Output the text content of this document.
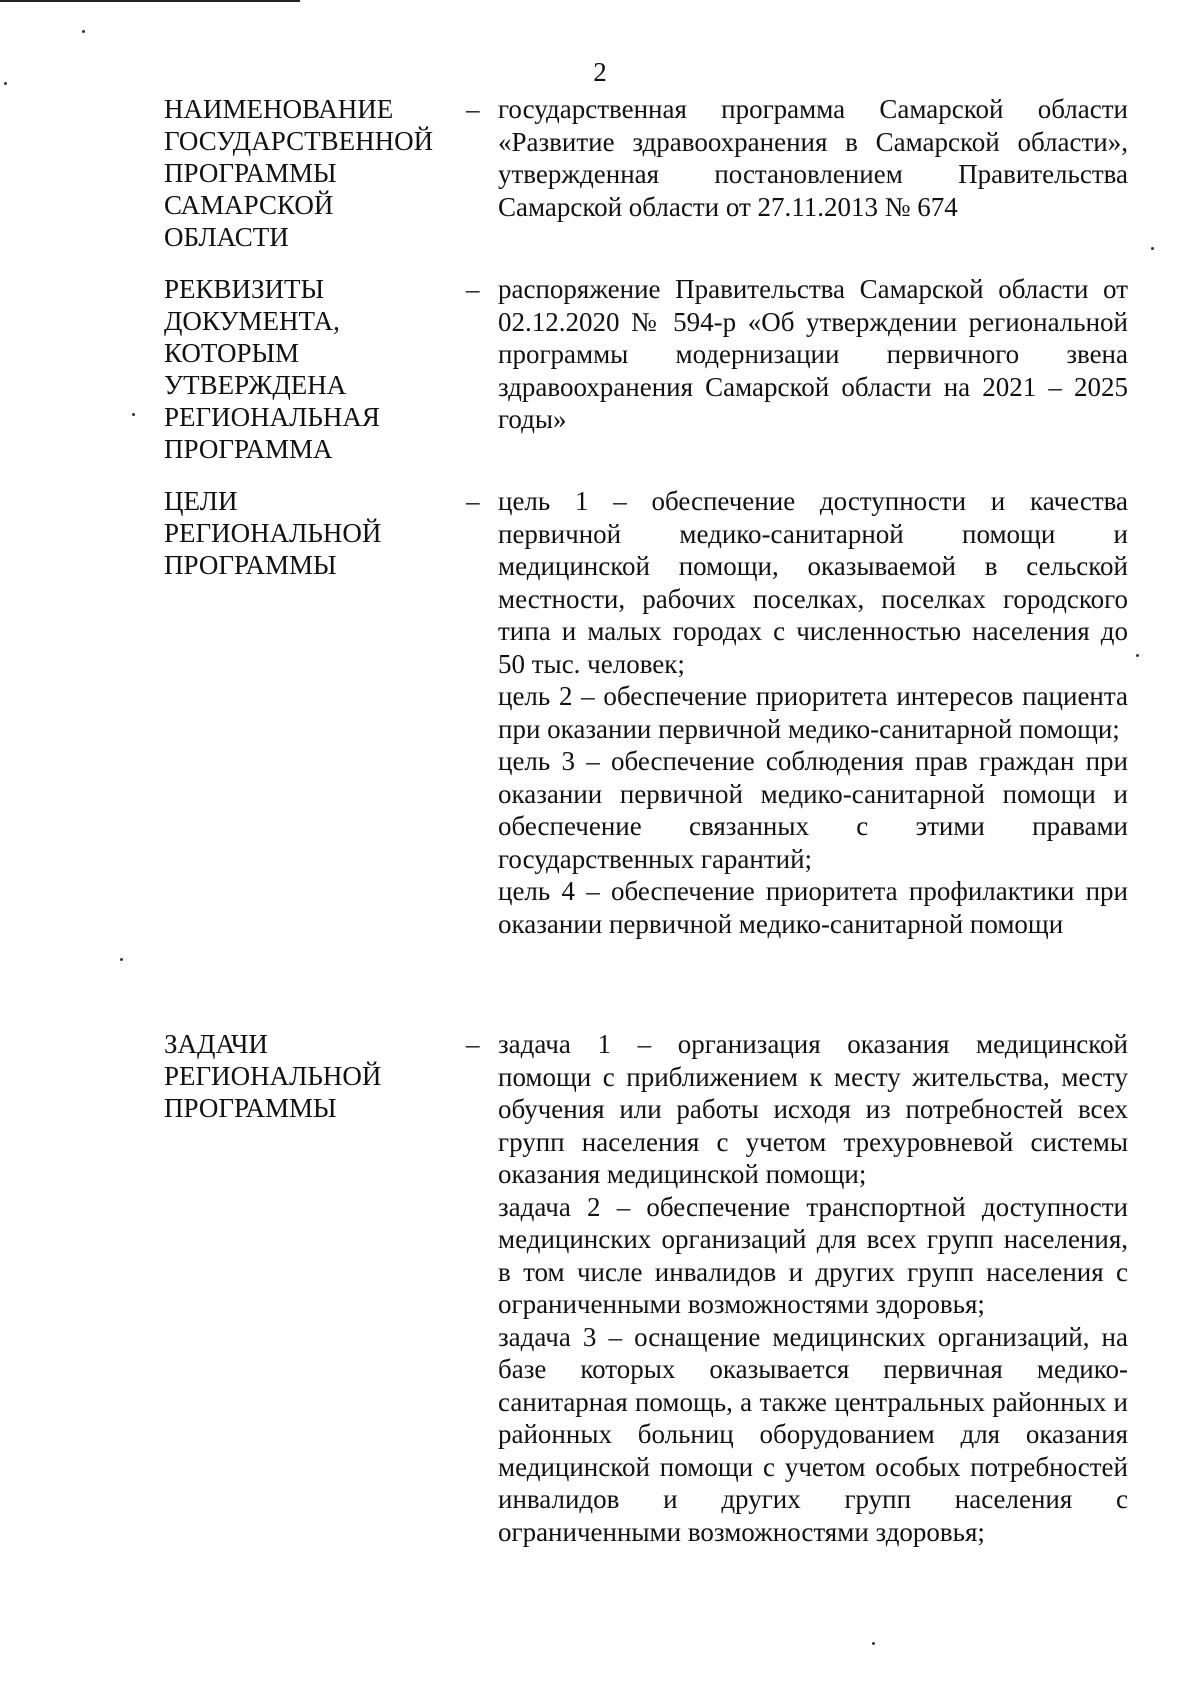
2
НАИМЕНОВАНИЕ
ГОСУДАРСТВЕННОЙ
ПРОГРАММЫ
САМАРСКОЙ
ОБЛАСТИ
– государственная программа Самарской области «Развитие здравоохранения в Самарской области», утвержденная постановлением Правительства Самарской области от 27.11.2013 № 674

РЕКВИЗИТЫ
ДОКУМЕНТА,
КОТОРЫМ
УТВЕРЖДЕНА
РЕГИОНАЛЬНАЯ
ПРОГРАММА
– распоряжение Правительства Самарской области от 02.12.2020 № 594-р «Об утверждении региональной программы модернизации первичного звена здравоохранения Самарской области на 2021 – 2025 годы»

ЦЕЛИ
РЕГИОНАЛЬНОЙ
ПРОГРАММЫ
– цель 1 – обеспечение доступности и качества первичной медико-санитарной помощи и медицинской помощи, оказываемой в сельской местности, рабочих поселках, поселках городского типа и малых городах с численностью населения до 50 тыс. человек;

цель 2 – обеспечение приоритета интересов пациента при оказании первичной медико-санитарной помощи;

цель 3 – обеспечение соблюдения прав граждан при оказании первичной медико-санитарной помощи и обеспечение связанных с этими правами государственных гарантий;

цель 4 – обеспечение приоритета профилактики при оказании первичной медико-санитарной помощи

ЗАДАЧИ
РЕГИОНАЛЬНОЙ
ПРОГРАММЫ
– задача 1 – организация оказания медицинской помощи с приближением к месту жительства, месту обучения или работы исходя из потребностей всех групп населения с учетом трехуровневой системы оказания медицинской помощи;

задача 2 – обеспечение транспортной доступности медицинских организаций для всех групп населения, в том числе инвалидов и других групп населения с ограниченными возможностями здоровья;

задача 3 – оснащение медицинских организаций, на базе которых оказывается первичная медико-санитарная помощь, а также центральных районных и районных больниц оборудованием для оказания медицинской помощи с учетом особых потребностей инвалидов и других групп населения с ограниченными возможностями здоровья;
